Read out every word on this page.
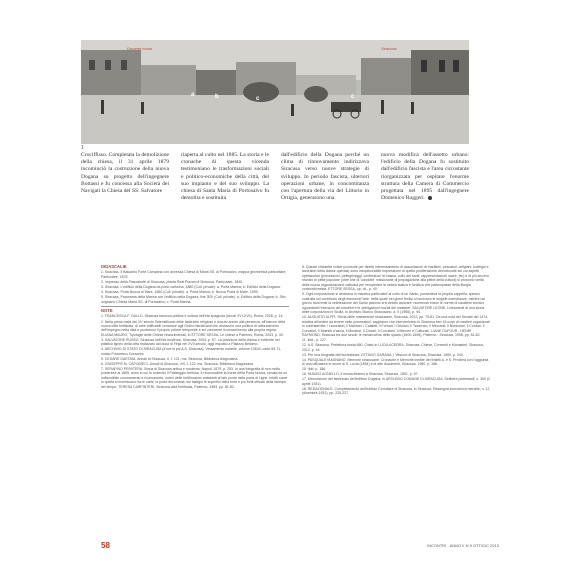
Dorante corso	Siracusa
a	b	c	c
1

Crociffisso. Completata la demolizione della chiesa, il 31 aprile 1879 incominciò la costruzione della nuova Dogana su progetto dell'ingegnere Bottassi e fu concessa alla Società dei Navigati la Chiesa del SS. Salvatore

riaperta al culto nel 1885. La storia e le cronache di questa vicenda testimoniano le trasformazioni sociali e politico-economiche della città, del suo impianto e del suo sviluppo. La chiesa di Santa Maria di Portosalvo fu demolita e sostituita

dall'edificio della Dogana perché un clima di rinnovamento indirizzava Siracusa verso nuove strategie di sviluppo. In periodo fascista, ulteriori operazioni urbane, in concomitanza con l'apertura della via del Littorio in Ortigia, generarono una

nuova modifica dell'assetto urbano: l'edificio della Dogana fu sostituito dall'edificio fascista e l'area circostante riorganizzata per ospitare l'enorme struttura della Camera di Commercio progettata nel 1895 dall'ingegnere Domenico Ruggeri.

DIDASCALIE

1. Siracusa. Il Baluardo Forte Campana con annessa Chiesa di Maria SS. di Portosalvo, mappa geometrica particellare. Particolare, 1875.

2. Impresso della Piazzaforte di Siracusa, pianta Real Piazza di Siracusa, Particolare, 1840.

3. Siracusa, L'edificio della Dogana da porto cartolina, 1880 (Coll. private). a. Porta Marina; b. Edificio della Dogana.

4. Siracusa, Porta Nuova di Mare, 1860 (Coll. private). a. Porta Marina; b. Nuova Porta di Mare, 1599.

5. Siracusa, Panorama della Marina con l'edificio della Dogana, fine '800 (Coll. private). a. Edificio della Dogana; b. Sito originario Chiesa Maria SS. di Portosalvo; c. Porta Marina.

NOTE

1. FRANCESCA F. GALLO, Siracusa barocca politica e cultura nell'età spagnola (secoli XVI-XVII), Roma, 2008, p. 14.

2. Nella prima metà del XV secolo l'intensificarsi delle fabbriche religiose è dovuto anche alla presenza, all'interno della nuova città fortificata, di aree edificabili concesse agli Ordini mendicanti che avviarono una politica di rafforzamento dell'impegno nella città e puntarono il proprio potere temporale e sul crescente riconoscimento alla propria regola. ELIANA MAURO, Tipologie delle Chiese rinascimentali, in ETTORE SESSA, Le chiese a Palermo, Roma, 2003, p. 30.

3. SALVATORE RUSSO, Siracusa nell'età moderna, Siracusa, 2004, p. 57. La posizione della chiesa è evidente nel plastico ligneo della città realizzato dal duca di Feija nel XVII secolo, oggi esposto a Palazzo Bellomo.

4. ARCHIVIO DI STATO DI SIRACUSA (d'ora in poi A.S. Siracusa), Versamento notarile, volume 10643, carte 69-71, notaio Francesco Corazzini.

5. CESARE GAETANI, Annali di Siracusa, II, f. 121, ms. Siracusa, Biblioteca Alagoniana.

6. GIUSEPPE M. CAPODIECI, Annali di Siracusa, VIII, f. 122, ms. Siracusa, Biblioteca Alagoniana.

7. SERAFINO PRIVITERA, Storia di Siracusa antica e moderna, Napoli, 1879, p. 253. In una fotografia di non molto posteriore al 1865, anno in cui fu costruito il Passeggio Aretusa, è riconoscibile la fronte della Porta Nuova, cimata da un indiscutibile coronamento e riconosciuta, ruderi delle fortificazioni antistanti al lato ponte della porta di Ligne. Infatti come in quella si inseriscono tra le varie, la porta decumana, sul fastigio le superfici della torre e più fonti ufficiali della stampa del tempo. TERESA CARPINTERI, Siracusa città fortificata, Palermo, 1983, pp. 81-82.

8. Queste chiesette votive (costruite per diretto interessamento di associazioni di marittimi, pescatori, artigiani, bottegai e lavoratori della classe operaia) sono inequivocabile espressione di quella proliferazione devozionale sui cui aspetti spettacolari (processioni, pellegrinaggi, confessioni di massa, culto dei santi, rappresentazioni sacre, etc) e di più sincero risvolto di pietà popolare (oltre che di 'condotte' missionarie di propagazione alla plebe della cultura) si pronunci verità della nuova organizzazione cattolica per recuperare la natura statica e turistica che partecipasse della liturgia controriformista. ETTORE SESSA, op. cit., p. 40.

9. Ogni corporazione si dedicava in maniera particolare al culto di un Santo, possedeva la propria cappella, spesso costruita col contributo degli esercenti l'arte, nella quale nei giorni festivi si riunivano le singole maestranze, mentre nel giorno ricorrente la celebrazione del Santo patrono era vietato lavorare; numerose erano le norme di carattere tecnico riguardanti l'esercizio dei mestieri e le obbligazioni morali del mestiere. SALVATORE LEONE, Lineamenti di una storia delle corporazioni in Sicilia, in Archivio Storico Siracusano, a. II (1956), p. 90.

10. AUGUSTO ALFPI, Storia delle maestranze siracusane, Siracusa, 2012, pp. 79-81. Da una nota del Senato del 1474, relativa all'ordine da tenere nelle processioni, sappiamo che intervenivano in Siracusa ben 16 corpi di mestieri organizzati in confraternite: i Lavoratori, li Marinari, i Calafati, li Fornari, i Ortolani, li Taverneri, li Mercanti, li Bordonari, li Cordari, li Curvaturi, li Maestri d'ascia, li Muratori, li Cirdari, li Corvisieri, li Merceri e Cuttunari. LIANE DUFOUR - HENRI RAYMOND, Siracusa tra due secoli: le metamorfosi dello spazio (1600-1695), Palermo - Siracusa, 1998, pp. 81-82.

11. Ibid., p. 127.

12. A.S. Siracusa, Prefettura busta 660. Citato in LUCIA ACERRA, Siracusa. Chiese, Conventi e Monasteri, Siracusa, 2012, p. 44.

13. Per una biografia dell'ecclesiasta: OTTAVIO GARANA, I Vescovi di Siracusa, Siracusa, 1969, p. 240.

14. PASQUALE MAGNANO, Memorie siracusane: Cronache e Memorie inedite dei fratelli A. e S. Privitera con l'aggiunta di una ufficiatura in onore di S. Lucia (1854) e di altri documenti, Siracusa, 1980, p. 186.

15. Ibid. p. 186.

16. NUNZIO AGNELLO, Il monachesimo a Siracusa, Siracusa, 1891, p. 97.

17. Demolizione del fabbricato dell'edificio Dogana, in ARCHIVIO COMUNE DI SIRACUSA. Delibere podestarili, c. 300 (2 aprile 1931).

18. REDAZIONALE, Completamento dell'edificio Corrollare di Siracusa, in Siracusa. Rassegna economica mensile, n. 12 (dicembre 1931), pp. 225-227.

58	INCONTRI - ANNO II N.9 OTT/DIC 2013
